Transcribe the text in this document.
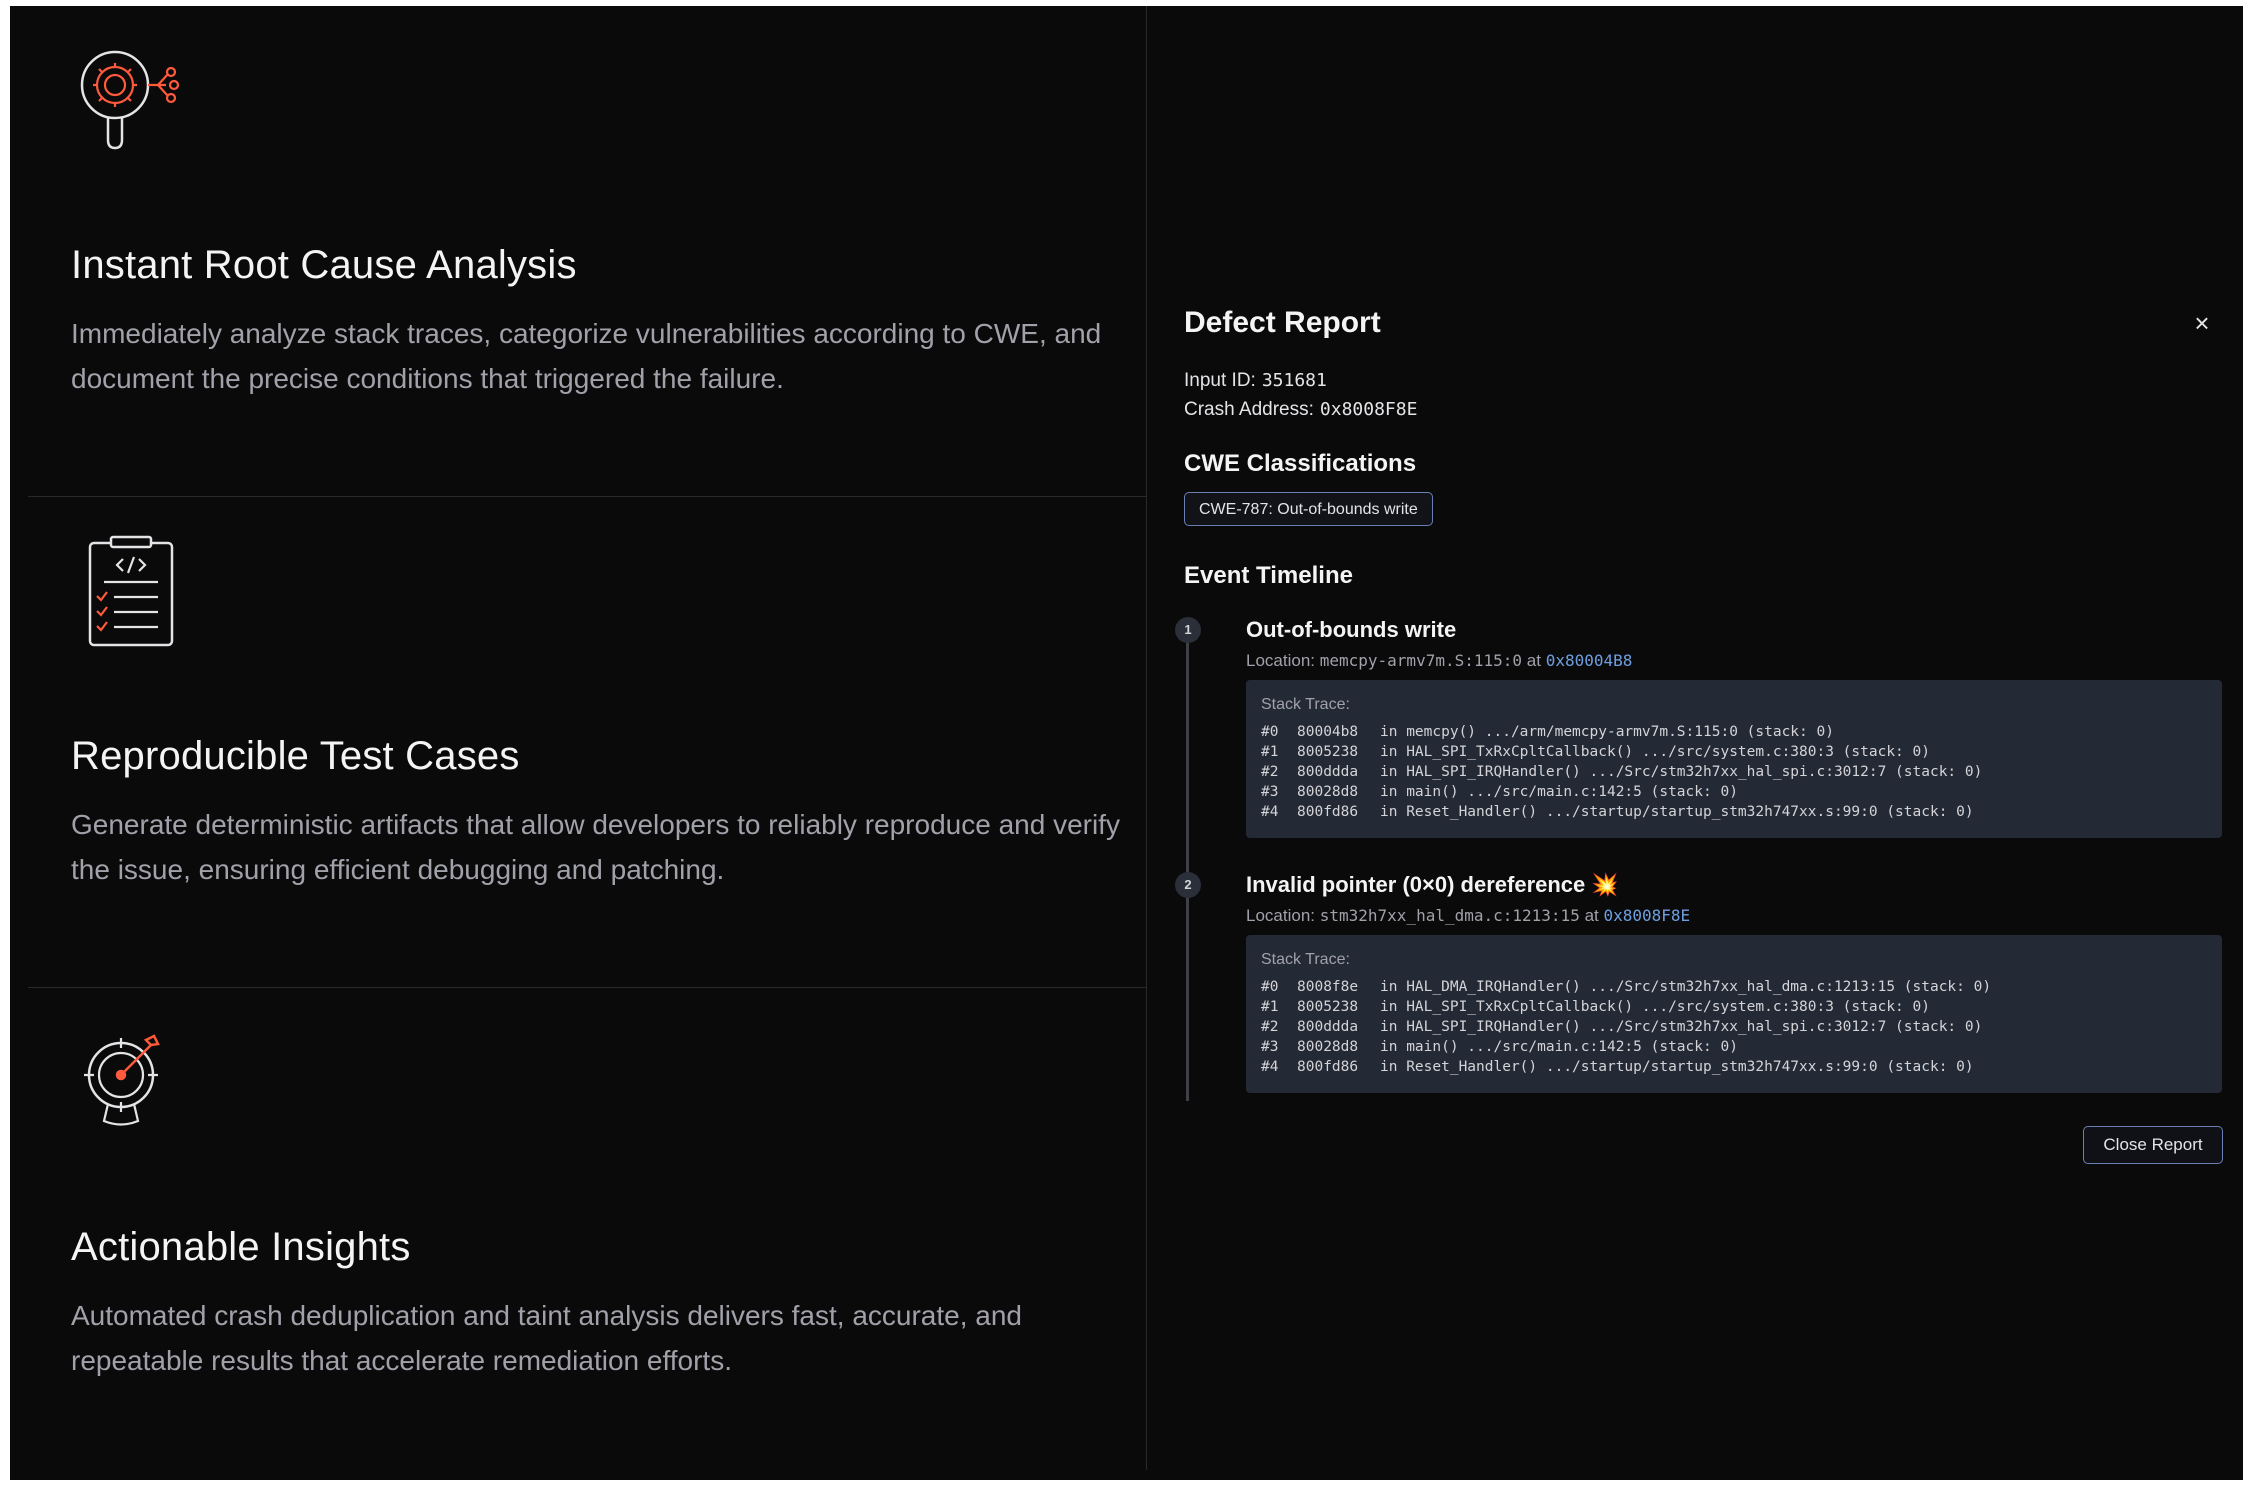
Instant Root Cause Analysis

Immediately analyze stack traces, categorize vulnerabilities according to CWE, and document the precise conditions that triggered the failure.

Reproducible Test Cases

Generate deterministic artifacts that allow developers to reliably reproduce and verify the issue, ensuring efficient debugging and patching.

Actionable Insights

Automated crash deduplication and taint analysis delivers fast, accurate, and repeatable results that accelerate remediation efforts.

Defect Report	×
Input ID: 351681
Crash Address: 0x8008F8E
CWE Classifications
CWE-787: Out-of-bounds write
Event Timeline
1	Out-of-bounds write
Location: memcpy-armv7m.S:115:0 at 0x80004B8

Stack Trace:

#0	80004b8	in memcpy() .../arm/memcpy-armv7m.S:115:0 (stack: 0)
#1	8005238	in HAL_SPI_TxRxCpltCallback() .../src/system.c:380:3 (stack: 0)
#2	800ddda	in HAL_SPI_IRQHandler() .../Src/stm32h7xx_hal_spi.c:3012:7 (stack: 0)
#3	80028d8	in main() .../src/main.c:142:5 (stack: 0)
#4	800fd86	in Reset_Handler() .../startup/startup_stm32h747xx.s:99:0 (stack: 0)
2	Invalid pointer (0×0) dereference 💥
Location: stm32h7xx_hal_dma.c:1213:15 at 0x8008F8E

Stack Trace:

#0	8008f8e	in HAL_DMA_IRQHandler() .../Src/stm32h7xx_hal_dma.c:1213:15 (stack: 0)
#1	8005238	in HAL_SPI_TxRxCpltCallback() .../src/system.c:380:3 (stack: 0)
#2	800ddda	in HAL_SPI_IRQHandler() .../Src/stm32h7xx_hal_spi.c:3012:7 (stack: 0)
#3	80028d8	in main() .../src/main.c:142:5 (stack: 0)
#4	800fd86	in Reset_Handler() .../startup/startup_stm32h747xx.s:99:0 (stack: 0)
Close Report
